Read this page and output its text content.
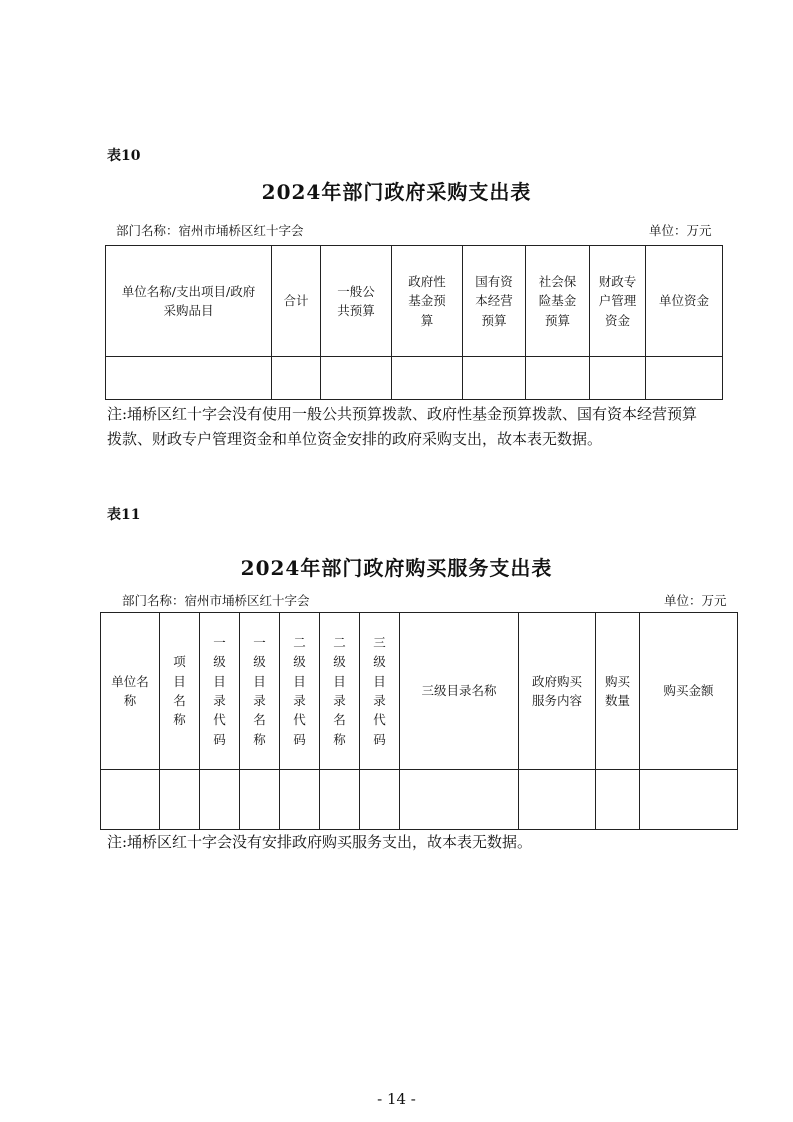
表10
2024年部门政府采购支出表
部门名称：宿州市埇桥区红十字会	单位：万元
单位名称/支出项目/政府采购品目	合计	一般公共预算	政府性基金预算	国有资本经营预算	社会保险基金预算	财政专户管理资金	单位资金

注:埇桥区红十字会没有使用一般公共预算拨款、政府性基金预算拨款、国有资本经营预算拨款、财政专户管理资金和单位资金安排的政府采购支出，故本表无数据。
表11
2024年部门政府购买服务支出表
部门名称：宿州市埇桥区红十字会	单位：万元
单位名称	项目名称	一级目录代码	一级目录名称	二级目录代码	二级目录名称	三级目录代码	三级目录名称	政府购买服务内容	购买数量	购买金额

注:埇桥区红十字会没有安排政府购买服务支出，故本表无数据。
- 14 -
